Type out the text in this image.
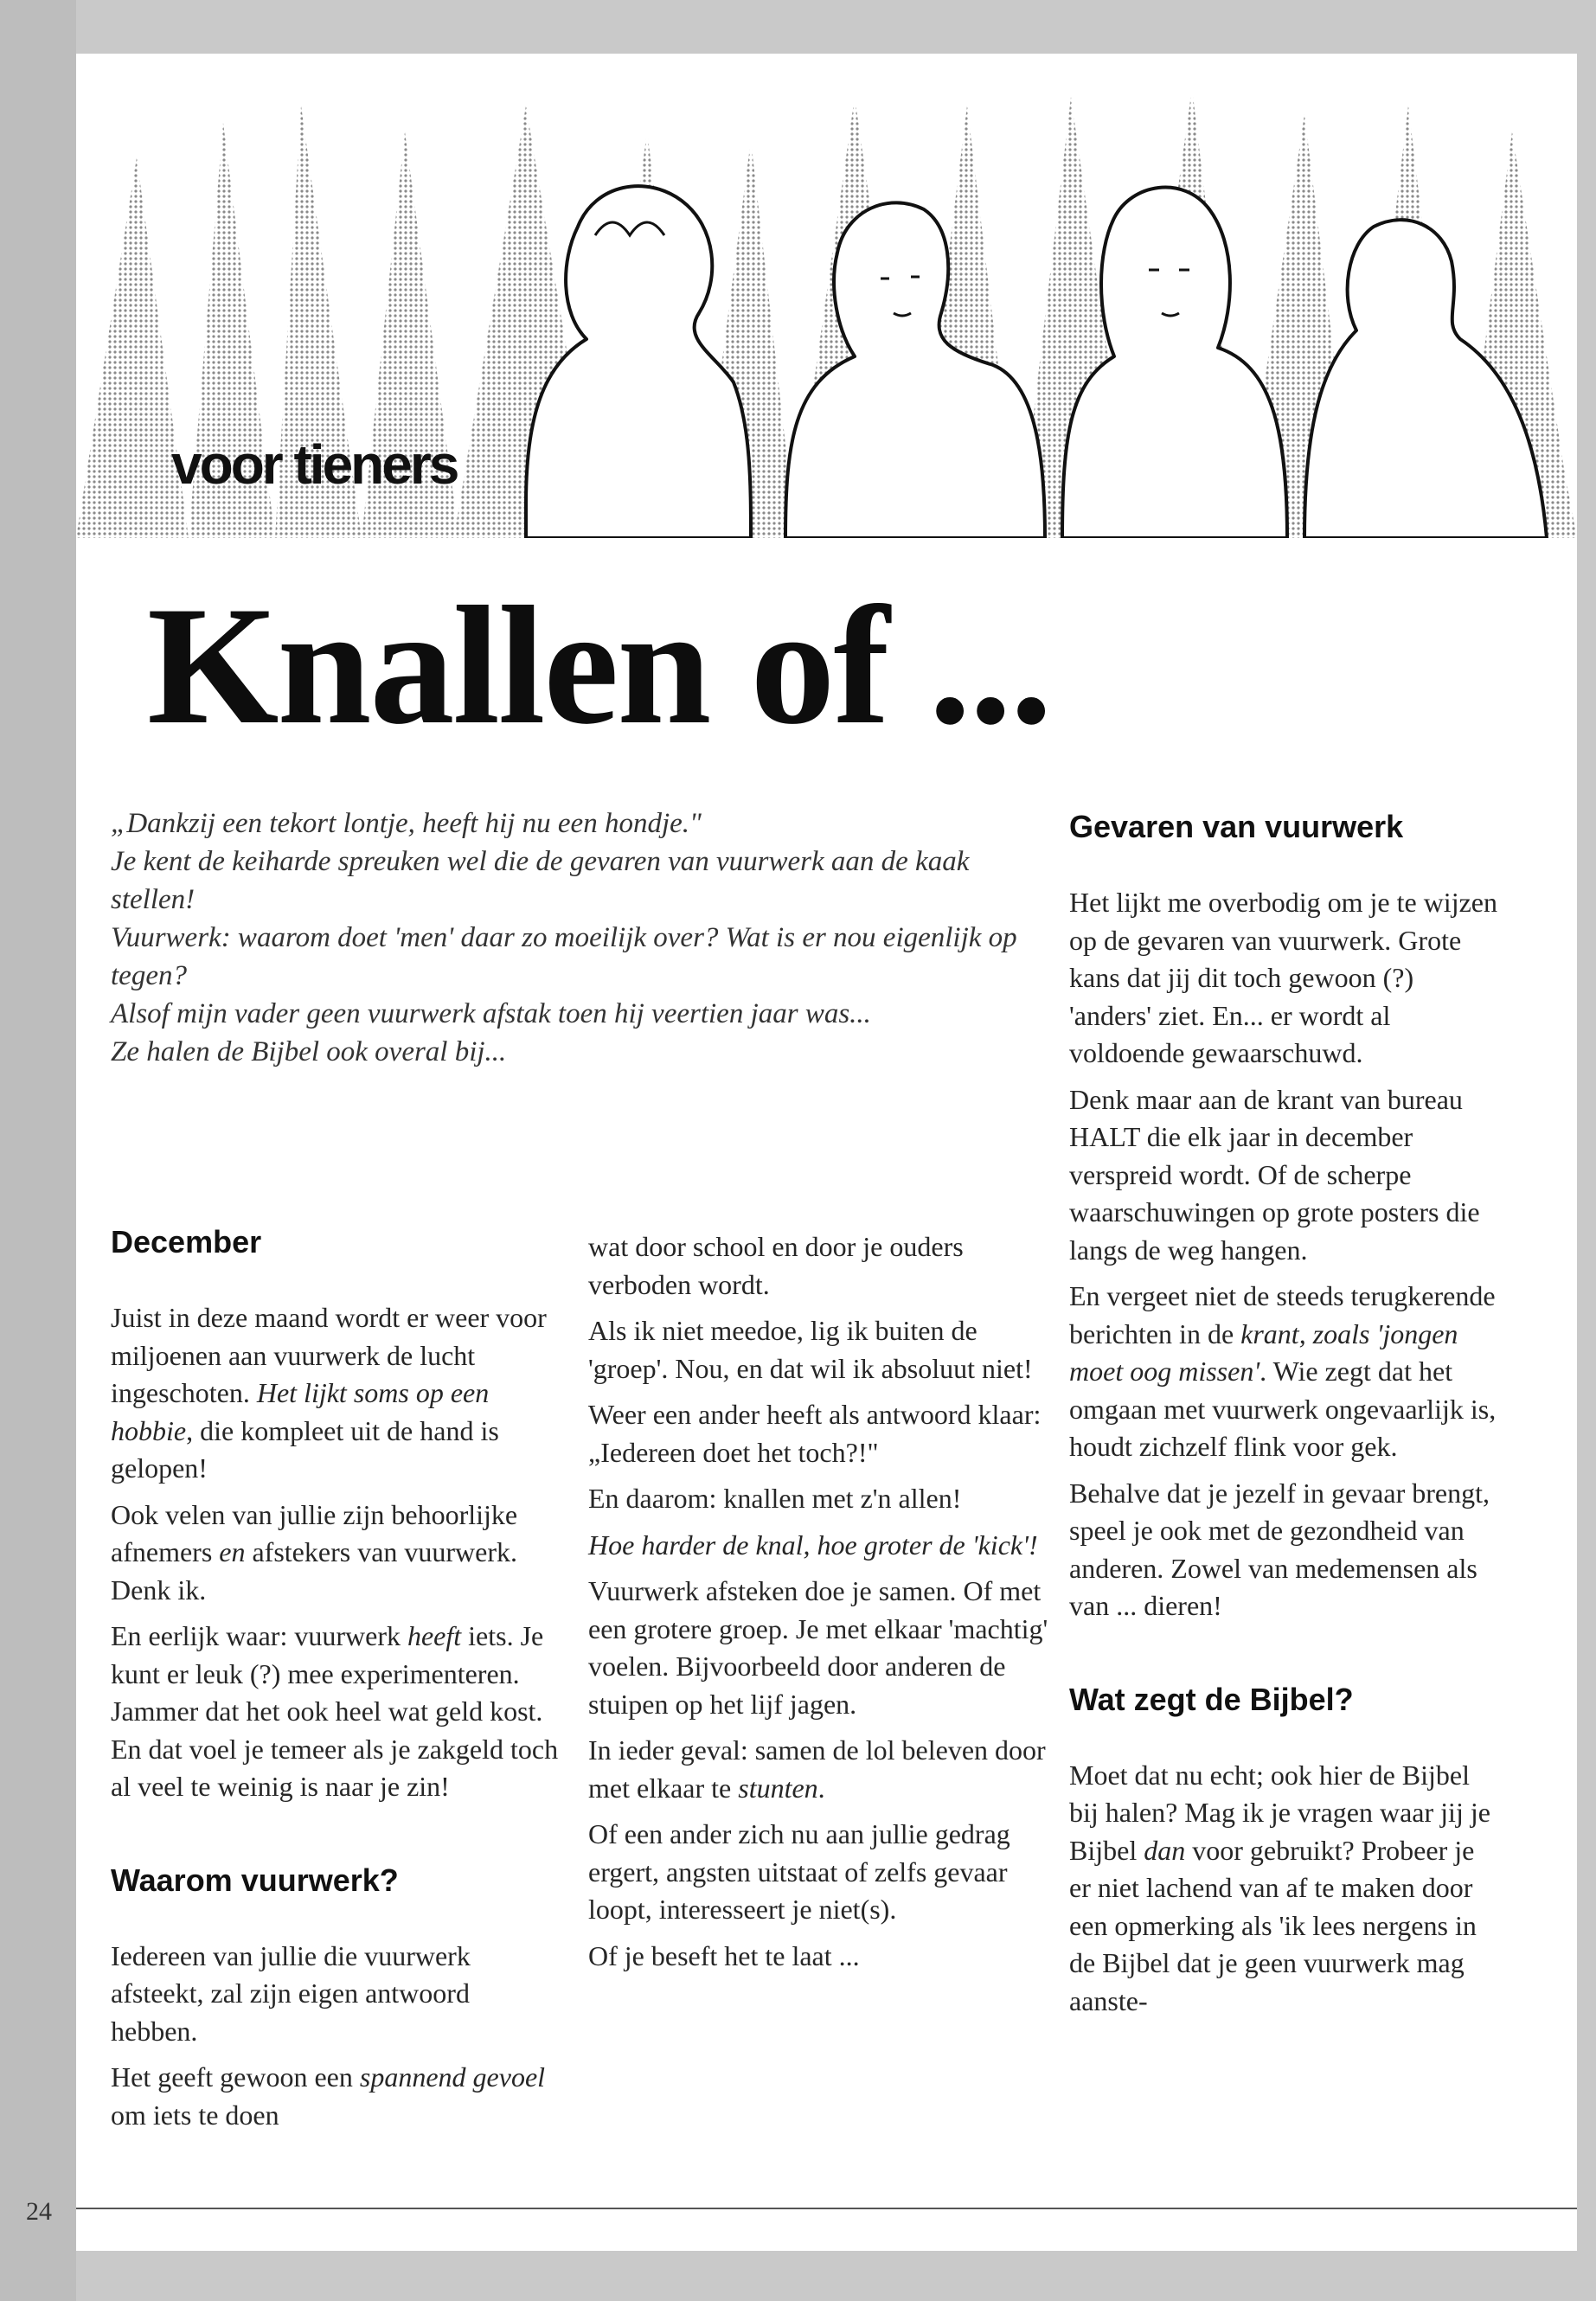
voor tieners
Knallen of ...

„Dankzij een tekort lontje, heeft hij nu een hondje."

Je kent de keiharde spreuken wel die de gevaren van vuurwerk aan de kaak stellen!

Vuurwerk: waarom doet 'men' daar zo moeilijk over? Wat is er nou eigenlijk op tegen?

Alsof mijn vader geen vuurwerk afstak toen hij veertien jaar was...

Ze halen de Bijbel ook overal bij...

December

Juist in deze maand wordt er weer voor miljoenen aan vuurwerk de lucht ingeschoten. Het lijkt soms op een hobbie, die kompleet uit de hand is gelopen!

Ook velen van jullie zijn behoorlijke afnemers en afstekers van vuurwerk. Denk ik.

En eerlijk waar: vuurwerk heeft iets. Je kunt er leuk (?) mee experimenteren. Jammer dat het ook heel wat geld kost. En dat voel je temeer als je zakgeld toch al veel te weinig is naar je zin!

Waarom vuurwerk?

Iedereen van jullie die vuurwerk afsteekt, zal zijn eigen antwoord hebben.

Het geeft gewoon een spannend gevoel om iets te doen

wat door school en door je ouders verboden wordt.

Als ik niet meedoe, lig ik buiten de 'groep'. Nou, en dat wil ik absoluut niet!

Weer een ander heeft als antwoord klaar: „Iedereen doet het toch?!"

En daarom: knallen met z'n allen!

Hoe harder de knal, hoe groter de 'kick'!

Vuurwerk afsteken doe je samen. Of met een grotere groep. Je met elkaar 'machtig' voelen. Bijvoorbeeld door anderen de stuipen op het lijf jagen.

In ieder geval: samen de lol beleven door met elkaar te stunten.

Of een ander zich nu aan jullie gedrag ergert, angsten uitstaat of zelfs gevaar loopt, interesseert je niet(s).

Of je beseft het te laat ...

Gevaren van vuurwerk

Het lijkt me overbodig om je te wijzen op de gevaren van vuurwerk. Grote kans dat jij dit toch gewoon (?) 'anders' ziet. En... er wordt al voldoende gewaarschuwd.

Denk maar aan de krant van bureau HALT die elk jaar in december verspreid wordt. Of de scherpe waarschuwingen op grote posters die langs de weg hangen.

En vergeet niet de steeds terugkerende berichten in de krant, zoals 'jongen moet oog missen'. Wie zegt dat het omgaan met vuurwerk ongevaarlijk is, houdt zichzelf flink voor gek.

Behalve dat je jezelf in gevaar brengt, speel je ook met de gezondheid van anderen. Zowel van medemensen als van ... dieren!

Wat zegt de Bijbel?

Moet dat nu echt; ook hier de Bijbel bij halen? Mag ik je vragen waar jij je Bijbel dan voor gebruikt? Probeer je er niet lachend van af te maken door een opmerking als 'ik lees nergens in de Bijbel dat je geen vuurwerk mag aanste-

24
